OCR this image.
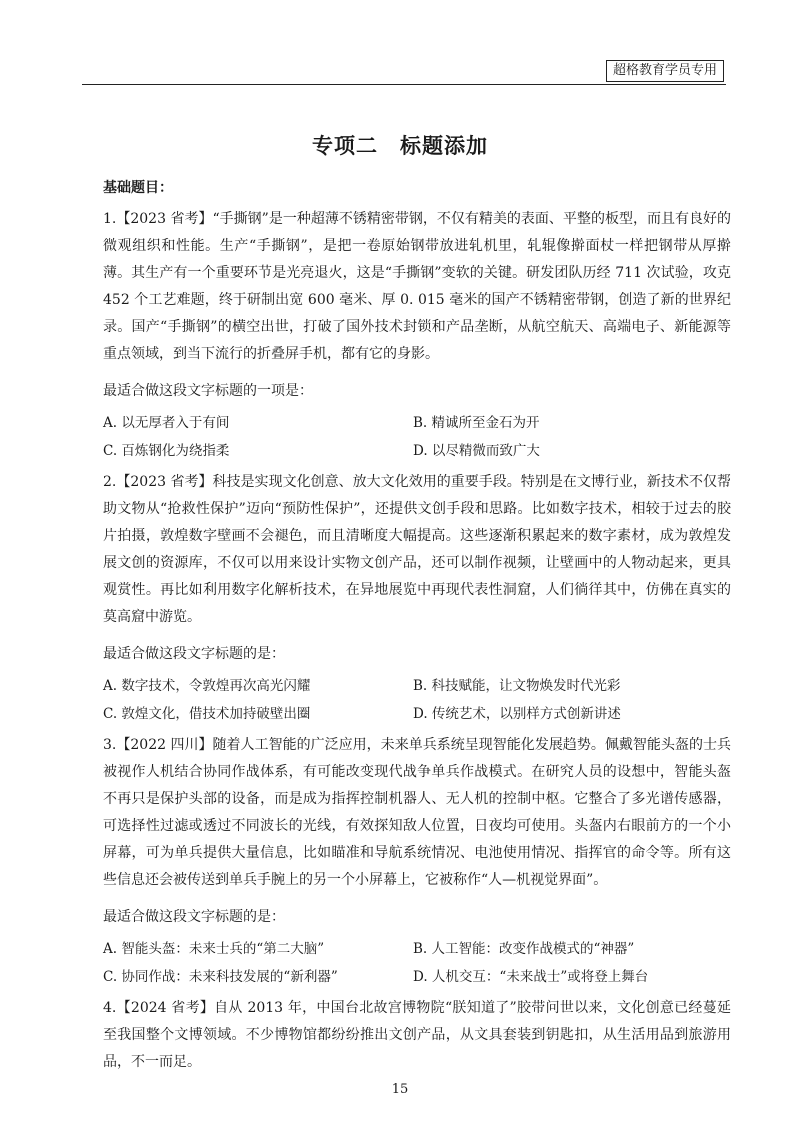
超格教育学员专用
专项二　标题添加
基础题目：

1.【2023 省考】“手撕钢”是一种超薄不锈精密带钢，不仅有精美的表面、平整的板型，而且有良好的微观组织和性能。生产“手撕钢”，是把一卷原始钢带放进轧机里，轧辊像擀面杖一样把钢带从厚擀薄。其生产有一个重要环节是光亮退火，这是“手撕钢”变软的关键。研发团队历经 711 次试验，攻克 452 个工艺难题，终于研制出宽 600 毫米、厚 0. 015 毫米的国产不锈精密带钢，创造了新的世界纪录。国产“手撕钢”的横空出世，打破了国外技术封锁和产品垄断，从航空航天、高端电子、新能源等重点领域，到当下流行的折叠屏手机，都有它的身影。

最适合做这段文字标题的一项是：

A. 以无厚者入于有间	B. 精诚所至金石为开
C. 百炼钢化为绕指柔	D. 以尽精微而致广大

2.【2023 省考】科技是实现文化创意、放大文化效用的重要手段。特别是在文博行业，新技术不仅帮助文物从“抢救性保护”迈向“预防性保护”，还提供文创手段和思路。比如数字技术，相较于过去的胶片拍摄，敦煌数字壁画不会褪色，而且清晰度大幅提高。这些逐渐积累起来的数字素材，成为敦煌发展文创的资源库，不仅可以用来设计实物文创产品，还可以制作视频，让壁画中的人物动起来，更具观赏性。再比如利用数字化解析技术，在异地展览中再现代表性洞窟，人们徜徉其中，仿佛在真实的莫高窟中游览。

最适合做这段文字标题的是：

A. 数字技术，令敦煌再次高光闪耀	B. 科技赋能，让文物焕发时代光彩
C. 敦煌文化，借技术加持破壁出圈	D. 传统艺术，以别样方式创新讲述

3.【2022 四川】随着人工智能的广泛应用，未来单兵系统呈现智能化发展趋势。佩戴智能头盔的士兵被视作人机结合协同作战体系，有可能改变现代战争单兵作战模式。在研究人员的设想中，智能头盔不再只是保护头部的设备，而是成为指挥控制机器人、无人机的控制中枢。它整合了多光谱传感器，可选择性过滤或透过不同波长的光线，有效探知敌人位置，日夜均可使用。头盔内右眼前方的一个小屏幕，可为单兵提供大量信息，比如瞄准和导航系统情况、电池使用情况、指挥官的命令等。所有这些信息还会被传送到单兵手腕上的另一个小屏幕上，它被称作“人—机视觉界面”。

最适合做这段文字标题的是：

A. 智能头盔：未来士兵的“第二大脑”	B. 人工智能：改变作战模式的“神器”
C. 协同作战：未来科技发展的“新利器”	D. 人机交互：“未来战士”或将登上舞台

4.【2024 省考】自从 2013 年，中国台北故宫博物院“朕知道了”胶带问世以来，文化创意已经蔓延至我国整个文博领域。不少博物馆都纷纷推出文创产品，从文具套装到钥匙扣，从生活用品到旅游用品，不一而足。

15
